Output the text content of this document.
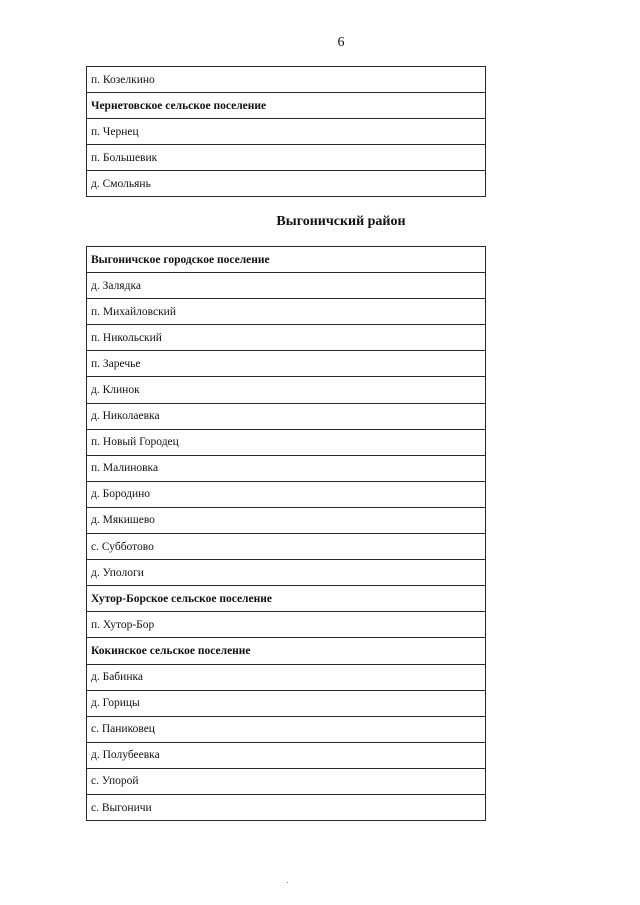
6
п. Козелкино
Чернетовское сельское поселение
п. Чернец
п. Большевик
д. Смольянь
Выгоничский район
Выгоничское городское поселение
д. Залядка
п. Михайловский
п. Никольский
п. Заречье
д. Клинок
д. Николаевка
п. Новый Городец
п. Малиновка
д. Бородино
д. Мякишево
с. Субботово
д. Упологи
Хутор-Борское сельское поселение
п. Хутор-Бор
Кокинское сельское поселение
д. Бабинка
д. Горицы
с. Паниковец
д. Полубеевка
с. Упорой
с. Выгоничи
